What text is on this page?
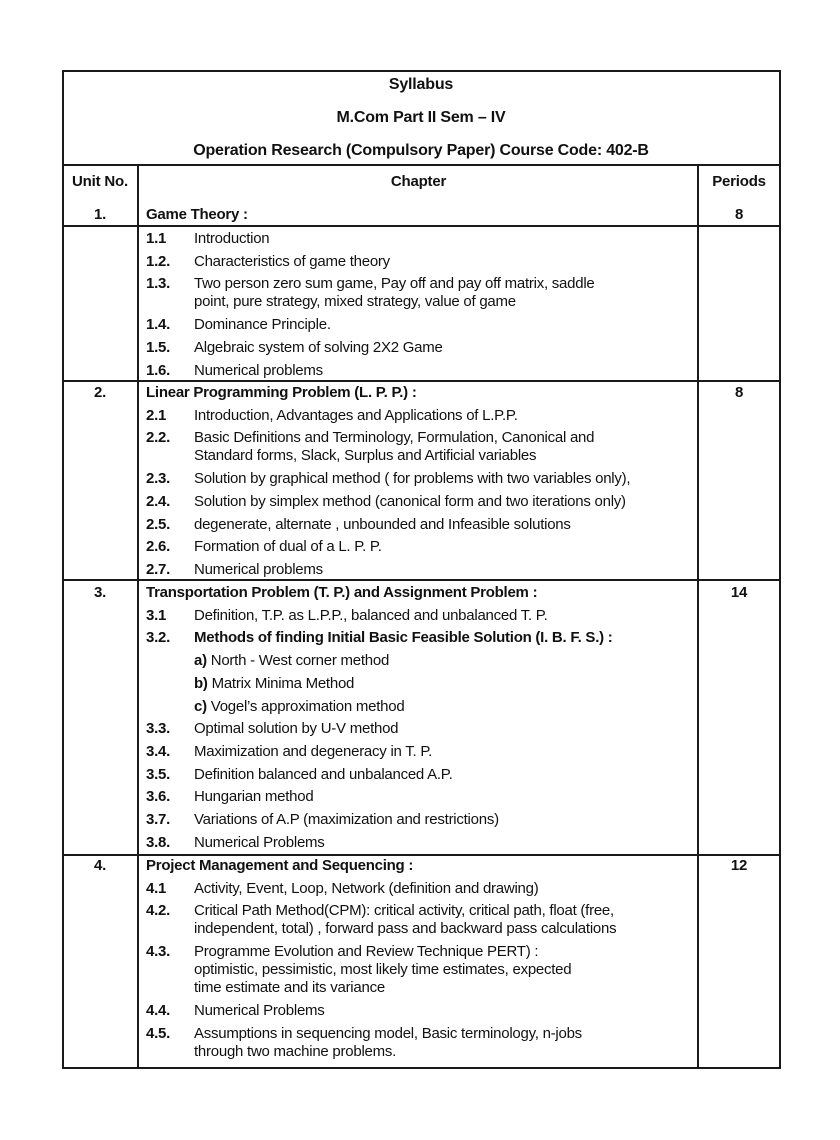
Syllabus
M.Com Part II Sem – IV
Operation Research (Compulsory Paper) Course Code: 402-B
Unit No.	Chapter	Periods
1.	Game Theory :	8
1.1 Introduction
1.2. Characteristics of game theory
1.3. Two person zero sum game, Pay off and pay off matrix, saddle
point, pure strategy, mixed strategy, value of game
1.4. Dominance Principle.
1.5. Algebraic system of solving 2X2 Game
1.6. Numerical problems
2.	Linear Programming Problem (L. P. P.) :	8
2.1 Introduction, Advantages and Applications of L.P.P.
2.2. Basic Definitions and Terminology, Formulation, Canonical and
Standard forms, Slack, Surplus and Artificial variables
2.3. Solution by graphical method ( for problems with two variables only),
2.4. Solution by simplex method (canonical form and two iterations only)
2.5. degenerate, alternate , unbounded and Infeasible solutions
2.6. Formation of dual of a L. P. P.
2.7. Numerical problems
3.	Transportation Problem (T. P.) and Assignment Problem :	14
3.1 Definition, T.P. as L.P.P., balanced and unbalanced T. P.
3.2. Methods of finding Initial Basic Feasible Solution (I. B. F. S.) :
a) North - West corner method
b) Matrix Minima Method
c) Vogel’s approximation method
3.3. Optimal solution by U-V method
3.4. Maximization and degeneracy in T. P.
3.5. Definition balanced and unbalanced A.P.
3.6. Hungarian method
3.7. Variations of A.P (maximization and restrictions)
3.8. Numerical Problems
4.	Project Management and Sequencing :	12
4.1 Activity, Event, Loop, Network (definition and drawing)
4.2. Critical Path Method(CPM): critical activity, critical path, float (free,
independent, total) , forward pass and backward pass calculations
4.3. Programme Evolution and Review Technique PERT) :
optimistic, pessimistic, most likely time estimates, expected
time estimate and its variance
4.4. Numerical Problems
4.5. Assumptions in sequencing model, Basic terminology, n-jobs
through two machine problems.
